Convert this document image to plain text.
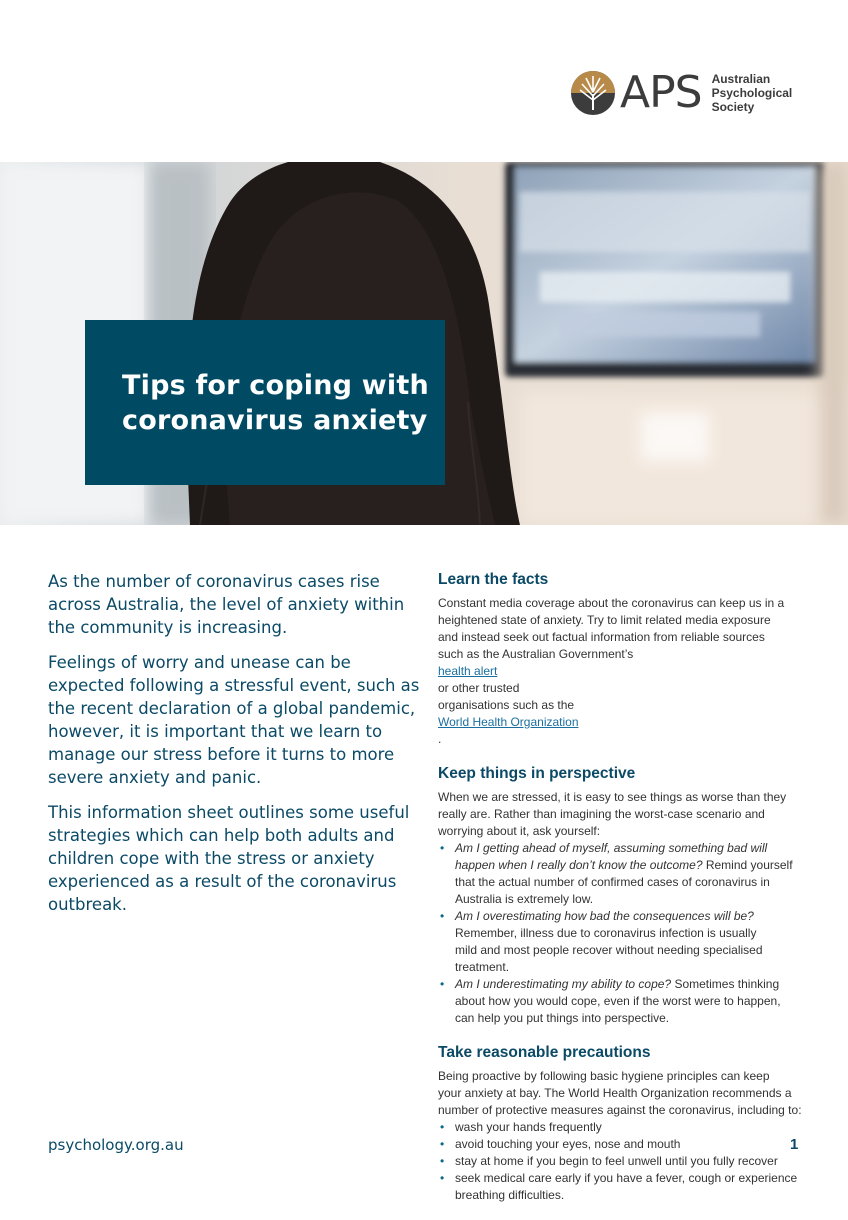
APS Australian
Psychological
Society
Tips for coping with
coronavirus anxiety

As the number of coronavirus cases rise
across Australia, the level of anxiety within
the community is increasing.

Feelings of worry and unease can be
expected following a stressful event, such as
the recent declaration of a global pandemic,
however, it is important that we learn to
manage our stress before it turns to more
severe anxiety and panic.

This information sheet outlines some useful
strategies which can help both adults and
children cope with the stress or anxiety
experienced as a result of the coronavirus
outbreak.

Learn the facts

Constant media coverage about the coronavirus can keep us in a
heightened state of anxiety. Try to limit related media exposure
and instead seek out factual information from reliable sources
such as the Australian Government’s
health alert
or other trusted
organisations such as the
World Health Organization
.

Keep things in perspective

When we are stressed, it is easy to see things as worse than they
really are. Rather than imagining the worst-case scenario and
worrying about it, ask yourself:

• Am I getting ahead of myself, assuming something bad will
happen when I really don’t know the outcome? Remind yourself
that the actual number of confirmed cases of coronavirus in
Australia is extremely low.
• Am I overestimating how bad the consequences will be?
Remember, illness due to coronavirus infection is usually
mild and most people recover without needing specialised
treatment.
• Am I underestimating my ability to cope? Sometimes thinking
about how you would cope, even if the worst were to happen,
can help you put things into perspective.
Take reasonable precautions

Being proactive by following basic hygiene principles can keep
your anxiety at bay. The World Health Organization recommends a
number of protective measures against the coronavirus, including to:

• wash your hands frequently
• avoid touching your eyes, nose and mouth
• stay at home if you begin to feel unwell until you fully recover
• seek medical care early if you have a fever, cough or experience
breathing difficulties.
psychology.org.au	1
